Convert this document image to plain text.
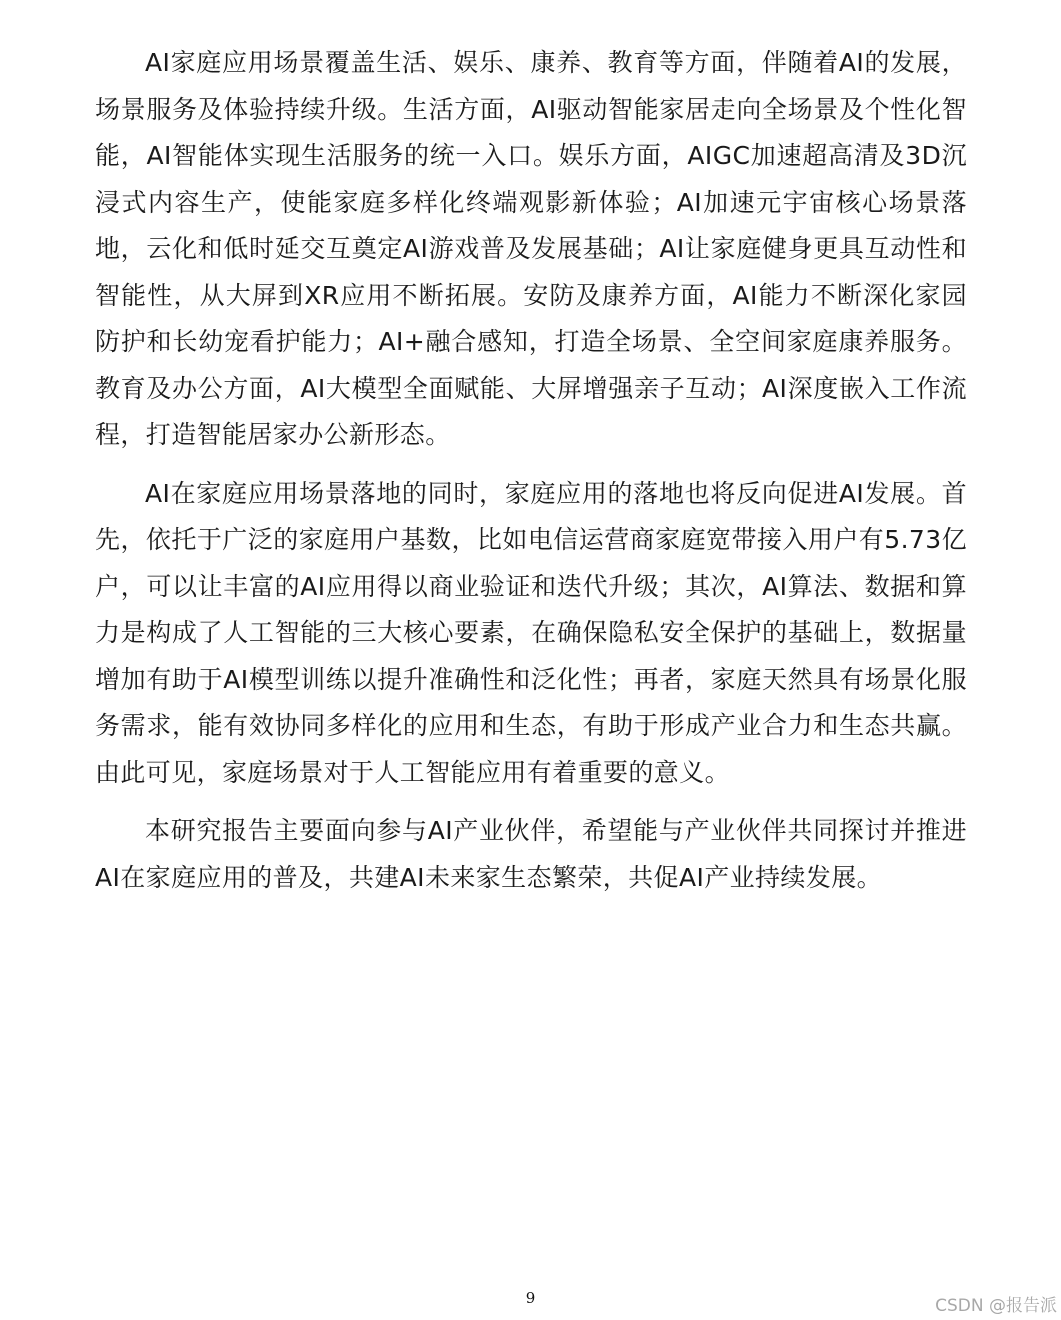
AI家庭应用场景覆盖生活、娱乐、康养、教育等方面，伴随着AI的发展，场景服务及体验持续升级。生活方面，AI驱动智能家居走向全场景及个性化智能，AI智能体实现生活服务的统一入口。娱乐方面，AIGC加速超高清及3D沉浸式内容生产，使能家庭多样化终端观影新体验；AI加速元宇宙核心场景落地，云化和低时延交互奠定AI游戏普及发展基础；AI让家庭健身更具互动性和智能性，从大屏到XR应用不断拓展。安防及康养方面，AI能力不断深化家园防护和长幼宠看护能力；AI+融合感知，打造全场景、全空间家庭康养服务。教育及办公方面，AI大模型全面赋能、大屏增强亲子互动；AI深度嵌入工作流程，打造智能居家办公新形态。

AI在家庭应用场景落地的同时，家庭应用的落地也将反向促进AI发展。首先，依托于广泛的家庭用户基数，比如电信运营商家庭宽带接入用户有5.73亿户，可以让丰富的AI应用得以商业验证和迭代升级；其次，AI算法、数据和算力是构成了人工智能的三大核心要素，在确保隐私安全保护的基础上，数据量增加有助于AI模型训练以提升准确性和泛化性；再者，家庭天然具有场景化服务需求，能有效协同多样化的应用和生态，有助于形成产业合力和生态共赢。由此可见，家庭场景对于人工智能应用有着重要的意义。

本研究报告主要面向参与AI产业伙伴，希望能与产业伙伴共同探讨并推进AI在家庭应用的普及，共建AI未来家生态繁荣，共促AI产业持续发展。

9	CSDN @报告派
